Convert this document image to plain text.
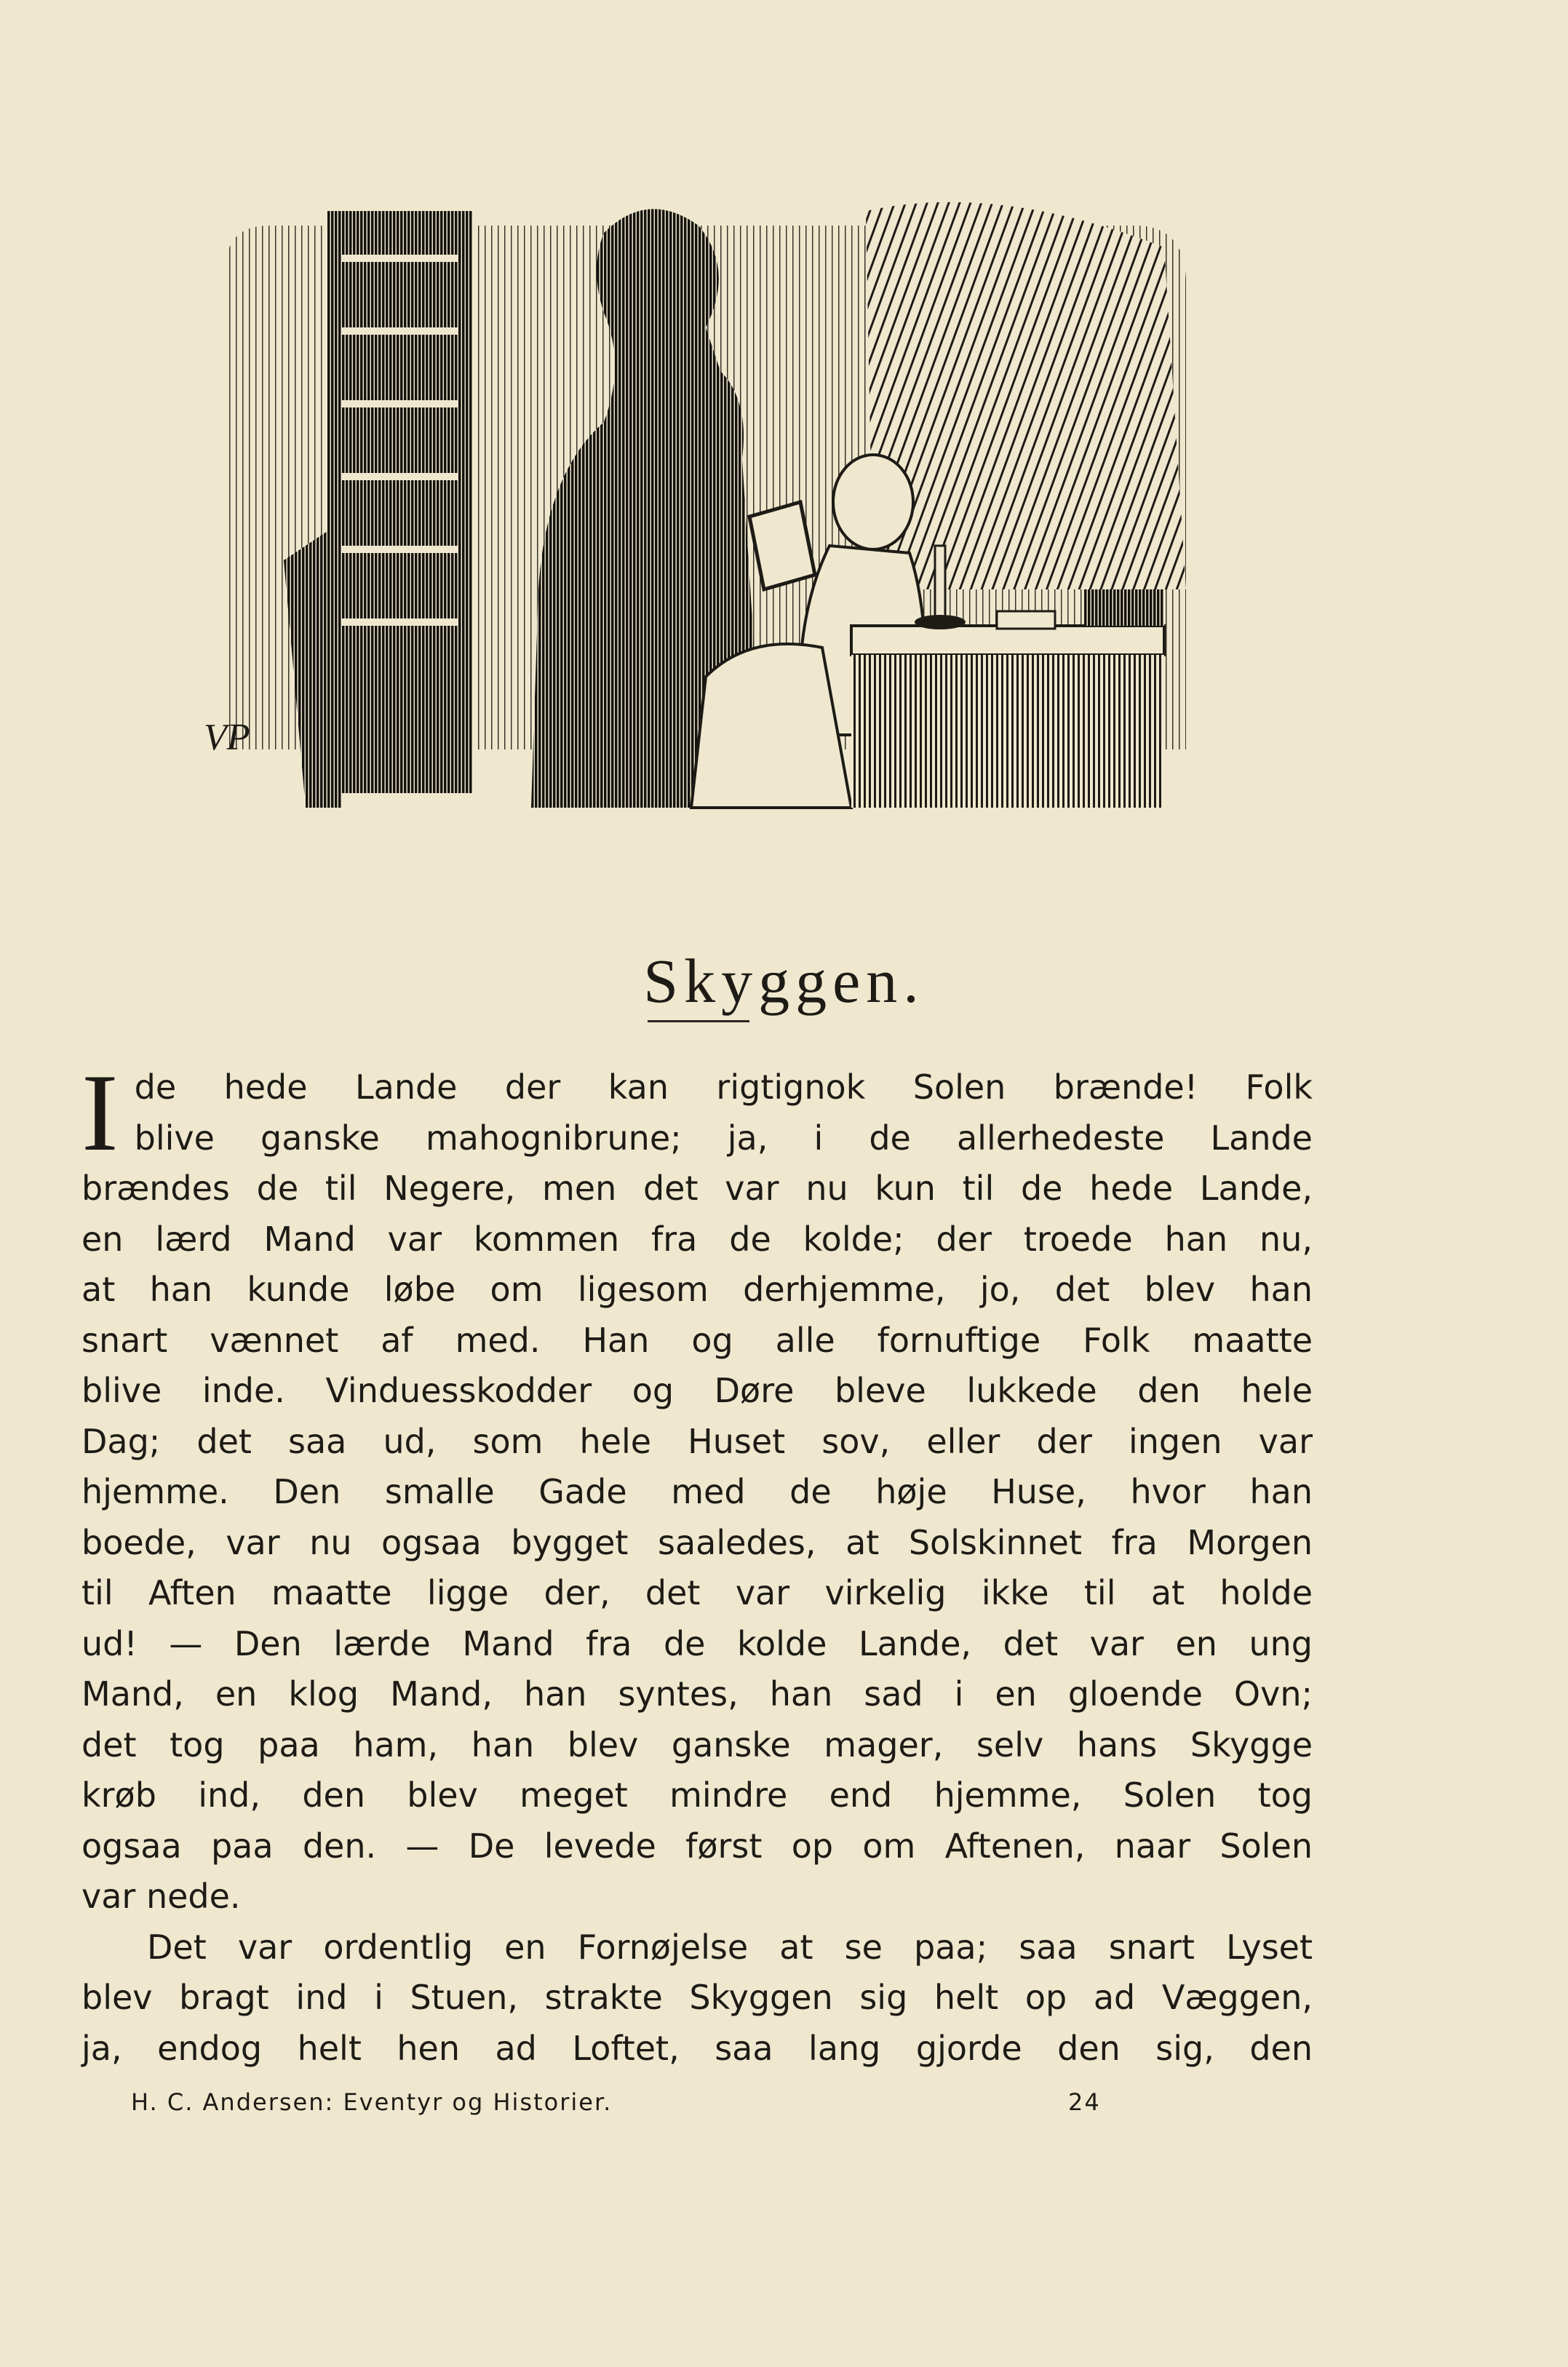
VP
Skyggen.
I de hede Lande der kan rigtignok Solen brænde! Folk
blive ganske mahognibrune; ja, i de allerhedeste Lande
brændes de til Negere, men det var nu kun til de hede Lande,
en lærd Mand var kommen fra de kolde; der troede han nu,
at han kunde løbe om ligesom derhjemme, jo, det blev han
snart vænnet af med. Han og alle fornuftige Folk maatte
blive inde. Vinduesskodder og Døre bleve lukkede den hele
Dag; det saa ud, som hele Huset sov, eller der ingen var
hjemme. Den smalle Gade med de høje Huse, hvor han
boede, var nu ogsaa bygget saaledes, at Solskinnet fra Morgen
til Aften maatte ligge der, det var virkelig ikke til at holde
ud! — Den lærde Mand fra de kolde Lande, det var en ung
Mand, en klog Mand, han syntes, han sad i en gloende Ovn;
det tog paa ham, han blev ganske mager, selv hans Skygge
krøb ind, den blev meget mindre end hjemme, Solen tog
ogsaa paa den. — De levede først op om Aftenen, naar Solen
var nede.
Det var ordentlig en Fornøjelse at se paa; saa snart Lyset
blev bragt ind i Stuen, strakte Skyggen sig helt op ad Væggen,
ja, endog helt hen ad Loftet, saa lang gjorde den sig, den
H. C. Andersen: Eventyr og Historier.	24
